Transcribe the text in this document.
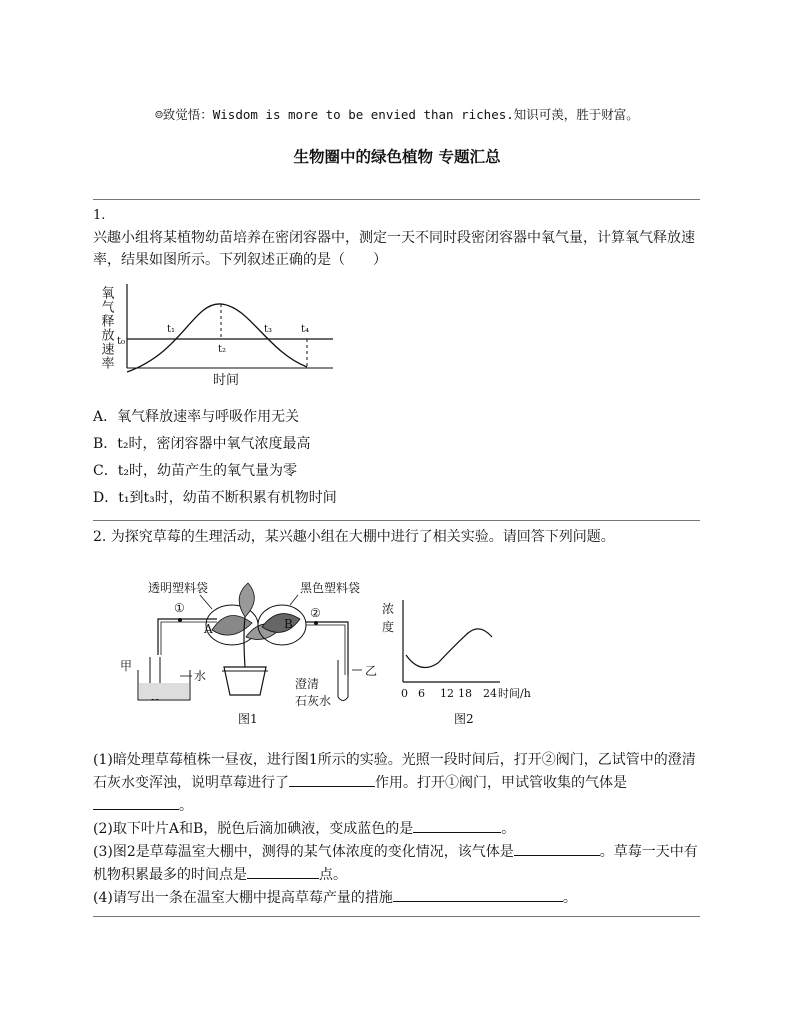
☺致觉悟：Wisdom is more to be envied than riches.知识可羡，胜于财富。
生物圈中的绿色植物 专题汇总
1.
兴趣小组将某植物幼苗培养在密闭容器中，测定一天不同时段密闭容器中氧气量，计算氧气释放速率，结果如图所示。下列叙述正确的是（　　）
氧气释放速率 t₀
t₁
t₂
t₃	t₄
时间
A．氧气释放速率与呼吸作用无关
B．t₂时，密闭容器中氧气浓度最高
C．t₂时，幼苗产生的氧气量为零
D．t₁到t₃时，幼苗不断积累有机物时间
2. 为探究草莓的生理活动，某兴趣小组在大棚中进行了相关实验。请回答下列问题。
透明塑料袋	黑色塑料袋
①
甲
水
A	B
②
乙
澄清
石灰水
图1
浓
度
0 6 12 18 24 时间/h
图2
(1)暗处理草莓植株一昼夜，进行图1所示的实验。光照一段时间后，打开②阀门，乙试管中的澄清石灰水变浑浊，说明草莓进行了	作用。打开①阀门，甲试管收集的气体是。
(2)取下叶片A和B，脱色后滴加碘液，变成蓝色的是	。
(3)图2是草莓温室大棚中，测得的某气体浓度的变化情况，该气体是	。草莓一天中有机物积累最多的时间点是	点。
(4)请写出一条在温室大棚中提高草莓产量的措施	。
